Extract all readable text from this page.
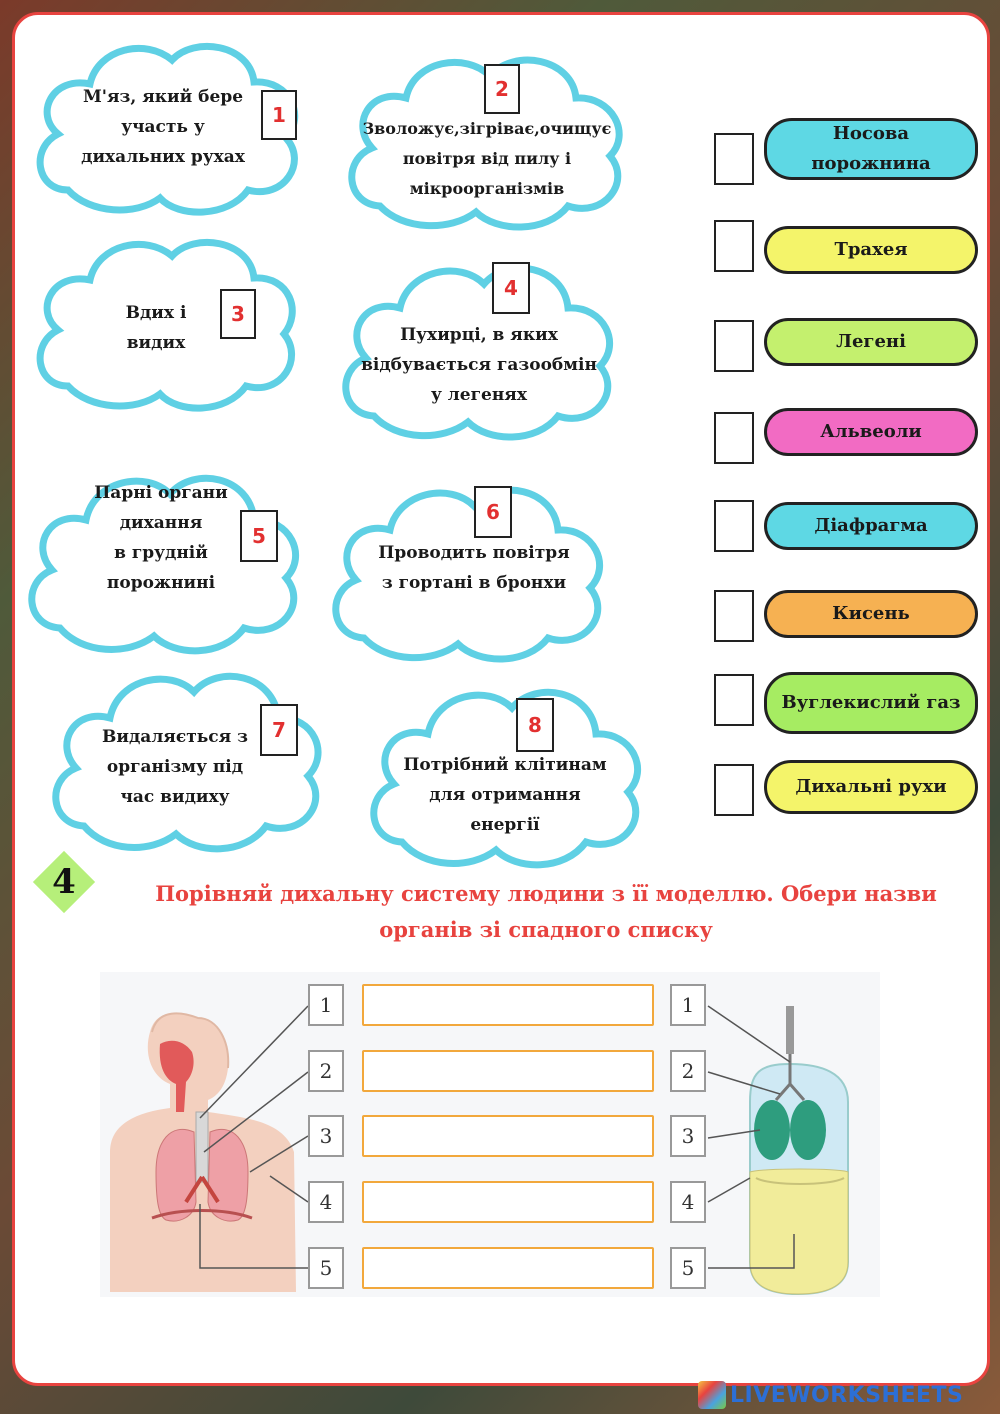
М'яз, який бере
участь у
дихальних рухах
1
Зволожує,зігріває,очищує
повітря від пилу і
мікроорганізмів
2
Вдих і
видих
3
Пухирці, в яких
відбувається газообмін
у легенях
4
Парні органи
дихання
в грудній
порожнині
5
Проводить повітря
з гортані в бронхи
6
Видаляється з
організму під
час видиху
7
Потрібний клітинам
для отримання
енергії
8
Носова
порожнина
Трахея
Легені
Альвеоли
Діафрагма
Кисень
Вуглекислий газ
Дихальні рухи
4	Порівняй дихальну систему людини з її моделлю. Обери назви
органів зі спадного списку
1
2
3
4
5
1
2
3
4
5
LIVEWORKSHEETS
